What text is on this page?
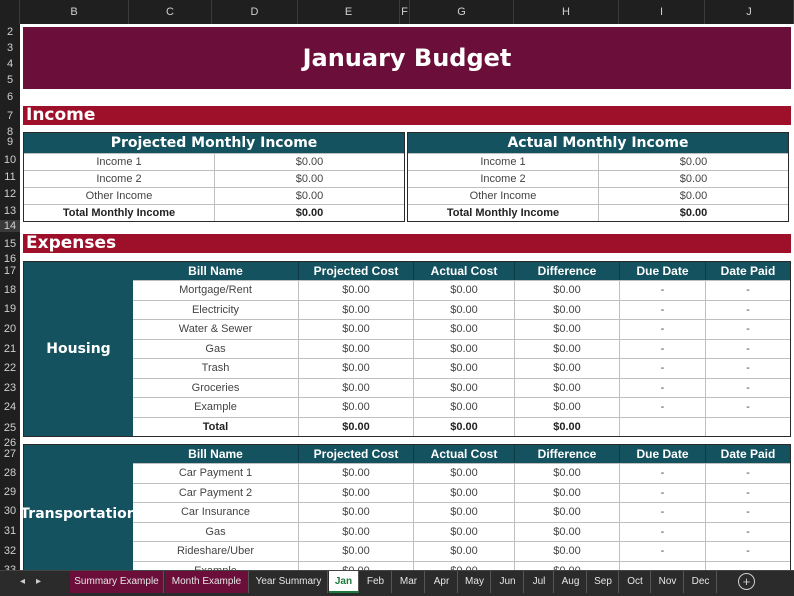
B	C	D	E	F	G	H	I	J
2
3
4
5
6
7
8
9
10
11
12
13
14
15
16
17
18
19
20
21
22
23
24
25
26
27
28
29
30
31
32
January Budget
Income
Projected Monthly Income
Income 1	$0.00
Income 2	$0.00
Other Income	$0.00
Total Monthly Income	$0.00
Actual Monthly Income
Income 1	$0.00
Income 2	$0.00
Other Income	$0.00
Total Monthly Income	$0.00
Expenses
Housing
Bill Name	Projected Cost	Actual Cost	Difference	Due Date	Date Paid
Mortgage/Rent	$0.00	$0.00	$0.00	-	-
Electricity	$0.00	$0.00	$0.00	-	-
Water & Sewer	$0.00	$0.00	$0.00	-	-
Gas	$0.00	$0.00	$0.00	-	-
Trash	$0.00	$0.00	$0.00	-	-
Groceries	$0.00	$0.00	$0.00	-	-
Example	$0.00	$0.00	$0.00	-	-
Total	$0.00	$0.00	$0.00
Transportation
Bill Name	Projected Cost	Actual Cost	Difference	Due Date	Date Paid
Car Payment 1	$0.00	$0.00	$0.00	-	-
Car Payment 2	$0.00	$0.00	$0.00	-	-
Car Insurance	$0.00	$0.00	$0.00	-	-
Gas	$0.00	$0.00	$0.00	-	-
Rideshare/Uber	$0.00	$0.00	$0.00	-	-
◂ ▸	Summary Example	Month Example	Year Summary	Jan	Feb	Mar	Apr	May	Jun	Jul	Aug	Sep	Oct	Nov	Dec	+
